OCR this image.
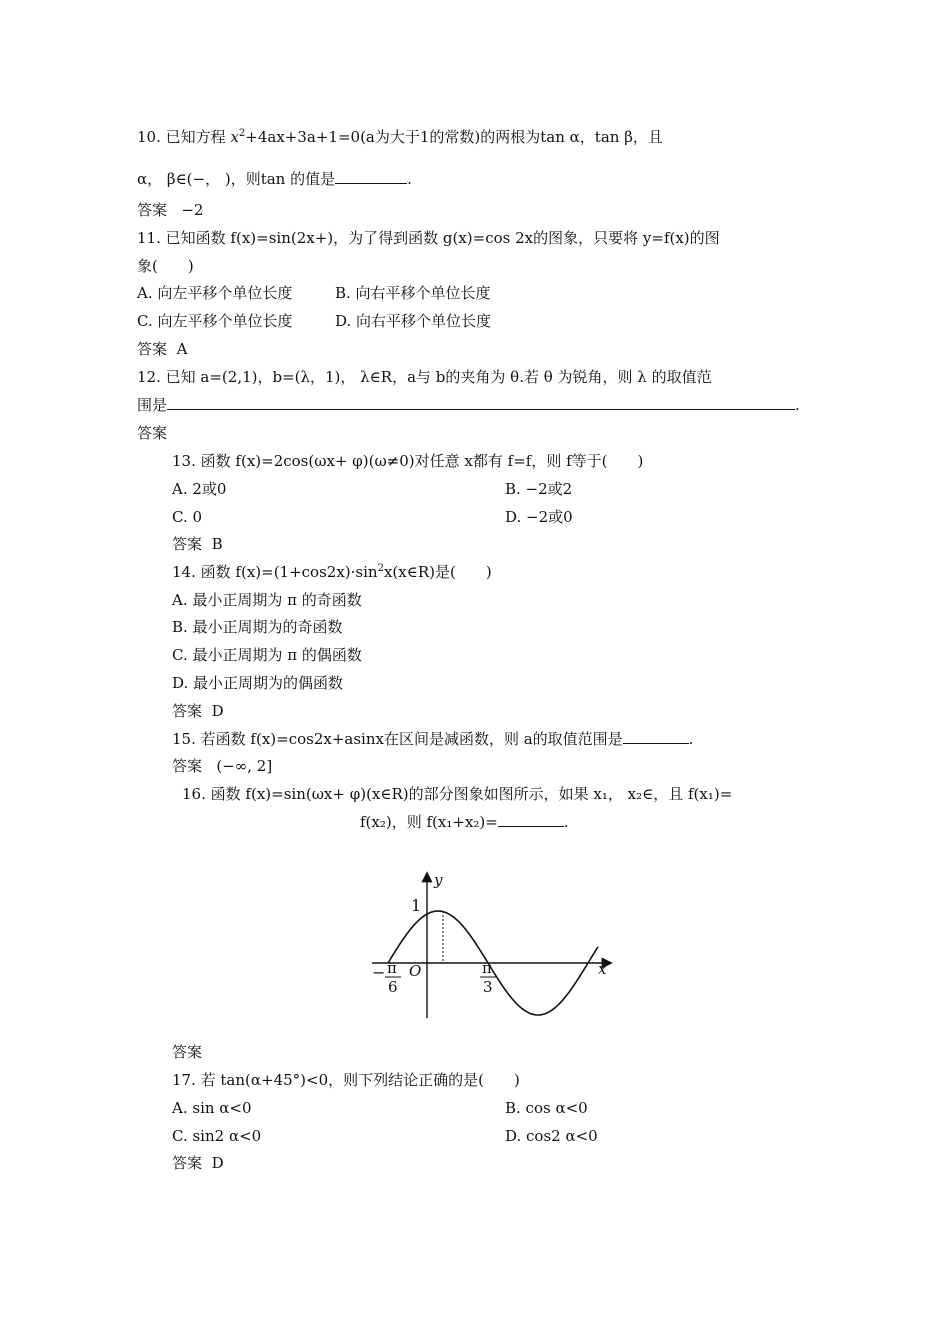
10. 已知方程 $x^2+4ax+3a+1=0(a$为大于1的常数)的两根为tan α，tan β，且
α， β∈(−， )，则tan 的值是	.
答案 −2
11. 已知函数 f(x)=sin(2x+)，为了得到函数 g(x)=cos 2x的图象，只要将 y=f(x)的图
象(　　)
A. 向左平移个单位长度	B. 向右平移个单位长度
C. 向左平移个单位长度	D. 向右平移个单位长度
答案 A
12. 已知 a=(2,1)，b=(λ，1)， λ∈R，a与 b的夹角为 θ.若 θ 为锐角，则 λ 的取值范
围是	.
答案
13. 函数 f(x)=2cos(ωx+ φ)(ω≠0)对任意 x都有 f=f，则 f等于(　　)
A. 2或0	B. −2或2
C. 0	D. −2或0
答案 B
14. 函数 $f(x)=(1+\cos 2x)\cdot\sin^2x(x\in R)$是(　　)
A. 最小正周期为 π 的奇函数
B. 最小正周期为的奇函数
C. 最小正周期为 π 的偶函数
D. 最小正周期为的偶函数
答案 D
15. 若函数 f(x)=cos2x+asinx在区间是减函数，则 a的取值范围是	.
答案 (−∞, 2]
16. 函数 f(x)=sin(ωx+ φ)(x∈R)的部分图象如图所示，如果 x₁， x₂∈，且 f(x₁)=
f(x₂)，则 f(x₁+x₂)=	.
y
x
1
O
− π
6
π
3
答案
17. 若 tan(α+45°)<0，则下列结论正确的是(　　)
A. sin α<0	B. cos α<0
C. sin2 α<0	D. cos2 α<0
答案 D
